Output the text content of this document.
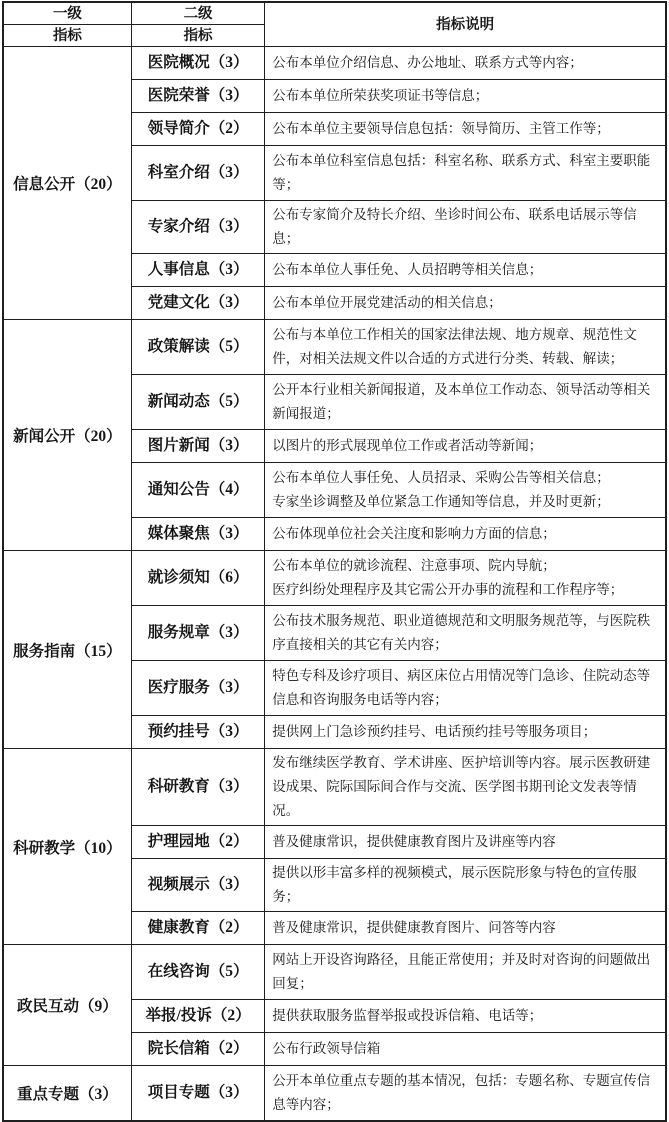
一级	二级	指标说明
指标	指标	
信息公开（20）	医院概况（3）	公布本单位介绍信息、办公地址、联系方式等内容；

	医院荣誉（3）	公布本单位所荣获奖项证书等信息；

	领导简介（2）	公布本单位主要领导信息包括：领导简历、主管工作等；

	科室介绍（3）	公布本单位科室信息包括：科室名称、联系方式、科室主要职能等；

	专家介绍（3）	公布专家简介及特长介绍、坐诊时间公布、联系电话展示等信息；

	人事信息（3）	公布本单位人事任免、人员招聘等相关信息；

	党建文化（3）	公布本单位开展党建活动的相关信息；

新闻公开（20）	政策解读（5）	公布与本单位工作相关的国家法律法规、地方规章、规范性文件，对相关法规文件以合适的方式进行分类、转载、解读；

	新闻动态（5）	公开本行业相关新闻报道，及本单位工作动态、领导活动等相关新闻报道；

	图片新闻（3）	以图片的形式展现单位工作或者活动等新闻；

	通知公告（4）	公布本单位人事任免、人员招录、采购公告等相关信息；
专家坐诊调整及单位紧急工作通知等信息，并及时更新；

	媒体聚焦（3）	公布体现单位社会关注度和影响力方面的信息；

服务指南（15）	就诊须知（6）	公布本单位的就诊流程、注意事项、院内导航；
医疗纠纷处理程序及其它需公开办事的流程和工作程序等；

	服务规章（3）	公布技术服务规范、职业道德规范和文明服务规范等，与医院秩序直接相关的其它有关内容；

	医疗服务（3）	特色专科及诊疗项目、病区床位占用情况等门急诊、住院动态等信息和咨询服务电话等内容；

	预约挂号（3）	提供网上门急诊预约挂号、电话预约挂号等服务项目；

科研教学（10）	科研教育（3）	发布继续医学教育、学术讲座、医护培训等内容。展示医教研建设成果、院际国际间合作与交流、医学图书期刊论文发表等情况。

	护理园地（2）	普及健康常识，提供健康教育图片及讲座等内容

	视频展示（3）	提供以形丰富多样的视频模式，展示医院形象与特色的宣传服务；

	健康教育（2）	普及健康常识，提供健康教育图片、问答等内容

政民互动（9）	在线咨询（5）	网站上开设咨询路径，且能正常使用；并及时对咨询的问题做出回复；

	举报/投诉（2）	提供获取服务监督举报或投诉信箱、电话等；

	院长信箱（2）	公布行政领导信箱

重点专题（3）	项目专题（3）	公开本单位重点专题的基本情况，包括：专题名称、专题宣传信息等内容；
